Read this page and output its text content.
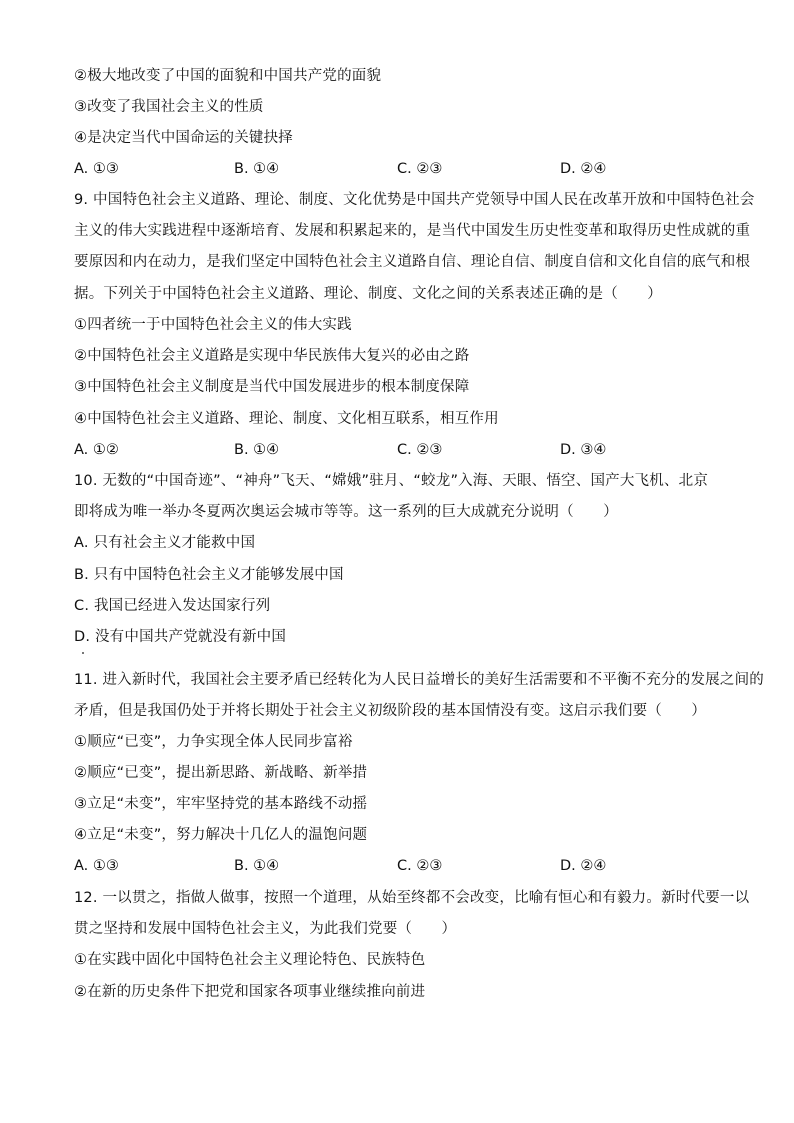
②极大地改变了中国的面貌和中国共产党的面貌
③改变了我国社会主义的性质
④是决定当代中国命运的关键抉择
A. ①③	B. ①④	C. ②③	D. ②④
9. 中国特色社会主义道路、理论、制度、文化优势是中国共产党领导中国人民在改革开放和中国特色社会
主义的伟大实践进程中逐渐培育、发展和积累起来的，是当代中国发生历史性变革和取得历史性成就的重
要原因和内在动力，是我们坚定中国特色社会主义道路自信、理论自信、制度自信和文化自信的底气和根
据。下列关于中国特色社会主义道路、理论、制度、文化之间的关系表述正确的是（　　）
①四者统一于中国特色社会主义的伟大实践
②中国特色社会主义道路是实现中华民族伟大复兴的必由之路
③中国特色社会主义制度是当代中国发展进步的根本制度保障
④中国特色社会主义道路、理论、制度、文化相互联系，相互作用
A. ①②	B. ①④	C. ②③	D. ③④
10. 无数的“中国奇迹”、“神舟”飞天、“嫦娥”驻月、“蛟龙”入海、天眼、悟空、国产大飞机、北京
即将成为唯一举办冬夏两次奥运会城市等等。这一系列的巨大成就充分说明（　　）
A. 只有社会主义才能救中国
B. 只有中国特色社会主义才能够发展中国
C. 我国已经进入发达国家行列
D. 没有中国共产党就没有新中国
11. 进入新时代，我国社会主要矛盾已经转化为人民日益增长的美好生活需要和不平衡不充分的发展之间的
矛盾，但是我国仍处于并将长期处于社会主义初级阶段的基本国情没有变。这启示我们要（　　）
①顺应“已变”，力争实现全体人民同步富裕
②顺应“已变”，提出新思路、新战略、新举措
③立足“未变”，牢牢坚持党的基本路线不动摇
④立足“未变”，努力解决十几亿人的温饱问题
A. ①③	B. ①④	C. ②③	D. ②④
12. 一以贯之，指做人做事，按照一个道理，从始至终都不会改变，比喻有恒心和有毅力。新时代要一以
贯之坚持和发展中国特色社会主义，为此我们党要（　　）
①在实践中固化中国特色社会主义理论特色、民族特色
②在新的历史条件下把党和国家各项事业继续推向前进
